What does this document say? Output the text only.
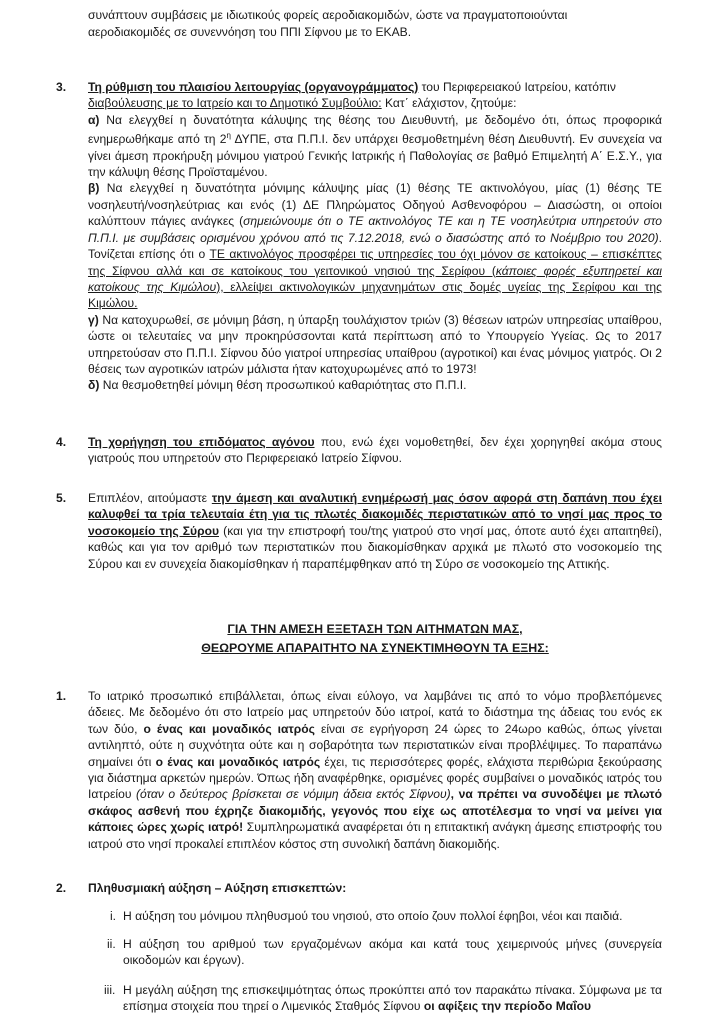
συνάπτουν συμβάσεις με ιδιωτικούς φορείς αεροδιακομιδών, ώστε να πραγματοποιούνται

αεροδιακομιδές σε συνεννόηση του ΠΠΙ Σίφνου με το ΕΚΑΒ.

3. Τη ρύθμιση του πλαισίου λειτουργίας (οργανογράμματος) του Περιφερειακού Ιατρείου, κατόπιν

διαβούλευσης με το Ιατρείο και το Δημοτικό Συμβούλιο: Κατ΄ ελάχιστον, ζητούμε:

α) Να ελεγχθεί η δυνατότητα κάλυψης της θέσης του Διευθυντή, με δεδομένο ότι, όπως προφορικά ενημερωθήκαμε από τη $2^\eta$ ΔΥΠΕ, στα Π.Π.Ι. δεν υπάρχει θεσμοθετημένη θέση Διευθυντή. Εν συνεχεία να γίνει άμεση προκήρυξη μόνιμου γιατρού Γενικής Ιατρικής ή Παθολογίας σε βαθμό Επιμελητή Α΄ Ε.Σ.Υ., για την κάλυψη θέσης Προϊσταμένου.

β) Να ελεγχθεί η δυνατότητα μόνιμης κάλυψης μίας (1) θέσης ΤΕ ακτινολόγου, μίας (1) θέσης ΤΕ νοσηλευτή/νοσηλεύτριας και ενός (1) ΔΕ Πληρώματος Οδηγού Ασθενοφόρου – Διασώστη, οι οποίοι καλύπτουν πάγιες ανάγκες (σημειώνουμε ότι ο ΤΕ ακτινολόγος ΤΕ και η ΤΕ νοσηλεύτρια υπηρετούν στο Π.Π.Ι. με συμβάσεις ορισμένου χρόνου από τις 7.12.2018, ενώ ο διασώστης από το Νοέμβριο του 2020). Τονίζεται επίσης ότι ο ΤΕ ακτινολόγος προσφέρει τις υπηρεσίες του όχι μόνον σε κατοίκους – επισκέπτες της Σίφνου αλλά και σε κατοίκους του γειτονικού νησιού της Σερίφου (κάποιες φορές εξυπηρετεί και κατοίκους της Κιμώλου), ελλείψει ακτινολογικών μηχανημάτων στις δομές υγείας της Σερίφου και της Κιμώλου.

γ) Να κατοχυρωθεί, σε μόνιμη βάση, η ύπαρξη τουλάχιστον τριών (3) θέσεων ιατρών υπηρεσίας υπαίθρου, ώστε οι τελευταίες να μην προκηρύσσονται κατά περίπτωση από το Υπουργείο Υγείας. Ως το 2017 υπηρετούσαν στο Π.Π.Ι. Σίφνου δύο γιατροί υπηρεσίας υπαίθρου (αγροτικοί) και ένας μόνιμος γιατρός. Οι 2 θέσεις των αγροτικών ιατρών μάλιστα ήταν κατοχυρωμένες από το 1973!

δ) Να θεσμοθετηθεί μόνιμη θέση προσωπικού καθαριότητας στο Π.Π.Ι.

4. Τη χορήγηση του επιδόματος αγόνου που, ενώ έχει νομοθετηθεί, δεν έχει χορηγηθεί ακόμα στους γιατρούς που υπηρετούν στο Περιφερειακό Ιατρείο Σίφνου.

5. Επιπλέον, αιτούμαστε την άμεση και αναλυτική ενημέρωσή μας όσον αφορά στη δαπάνη που έχει καλυφθεί τα τρία τελευταία έτη για τις πλωτές διακομιδές περιστατικών από το νησί μας προς το νοσοκομείο της Σύρου (και για την επιστροφή του/της γιατρού στο νησί μας, όποτε αυτό έχει απαιτηθεί), καθώς και για τον αριθμό των περιστατικών που διακομίσθηκαν αρχικά με πλωτό στο νοσοκομείο της Σύρου και εν συνεχεία διακομίσθηκαν ή παραπέμφθηκαν από τη Σύρο σε νοσοκομείο της Αττικής.

ΓΙΑ ΤΗΝ ΑΜΕΣΗ ΕΞΕΤΑΣΗ ΤΩΝ ΑΙΤΗΜΑΤΩΝ ΜΑΣ,

ΘΕΩΡΟΥΜΕ ΑΠΑΡΑΙΤΗΤΟ ΝΑ ΣΥΝΕΚΤΙΜΗΘΟΥΝ ΤΑ ΕΞΗΣ:

1. Το ιατρικό προσωπικό επιβάλλεται, όπως είναι εύλογο, να λαμβάνει τις από το νόμο προβλεπόμενες άδειες. Με δεδομένο ότι στο Ιατρείο μας υπηρετούν δύο ιατροί, κατά το διάστημα της άδειας του ενός εκ των δύο, ο ένας και μοναδικός ιατρός είναι σε εγρήγορση 24 ώρες το 24ωρο καθώς, όπως γίνεται αντιληπτό, ούτε η συχνότητα ούτε και η σοβαρότητα των περιστατικών είναι προβλέψιμες. Το παραπάνω σημαίνει ότι ο ένας και μοναδικός ιατρός έχει, τις περισσότερες φορές, ελάχιστα περιθώρια ξεκούρασης για διάστημα αρκετών ημερών. Όπως ήδη αναφέρθηκε, ορισμένες φορές συμβαίνει ο μοναδικός ιατρός του Ιατρείου (όταν ο δεύτερος βρίσκεται σε νόμιμη άδεια εκτός Σίφνου), να πρέπει να συνοδέψει με πλωτό σκάφος ασθενή που έχρηζε διακομιδής, γεγονός που είχε ως αποτέλεσμα το νησί να μείνει για κάποιες ώρες χωρίς ιατρό! Συμπληρωματικά αναφέρεται ότι η επιτακτική ανάγκη άμεσης επιστροφής του ιατρού στο νησί προκαλεί επιπλέον κόστος στη συνολική δαπάνη διακομιδής.

2. Πληθυσμιακή αύξηση – Αύξηση επισκεπτών:

i. Η αύξηση του μόνιμου πληθυσμού του νησιού, στο οποίο ζουν πολλοί έφηβοι, νέοι και παιδιά.

ii. Η αύξηση του αριθμού των εργαζομένων ακόμα και κατά τους χειμερινούς μήνες (συνεργεία οικοδομών και έργων).

iii. Η μεγάλη αύξηση της επισκεψιμότητας όπως προκύπτει από τον παρακάτω πίνακα. Σύμφωνα με τα επίσημα στοιχεία που τηρεί ο Λιμενικός Σταθμός Σίφνου οι αφίξεις την περίοδο Μαΐου
